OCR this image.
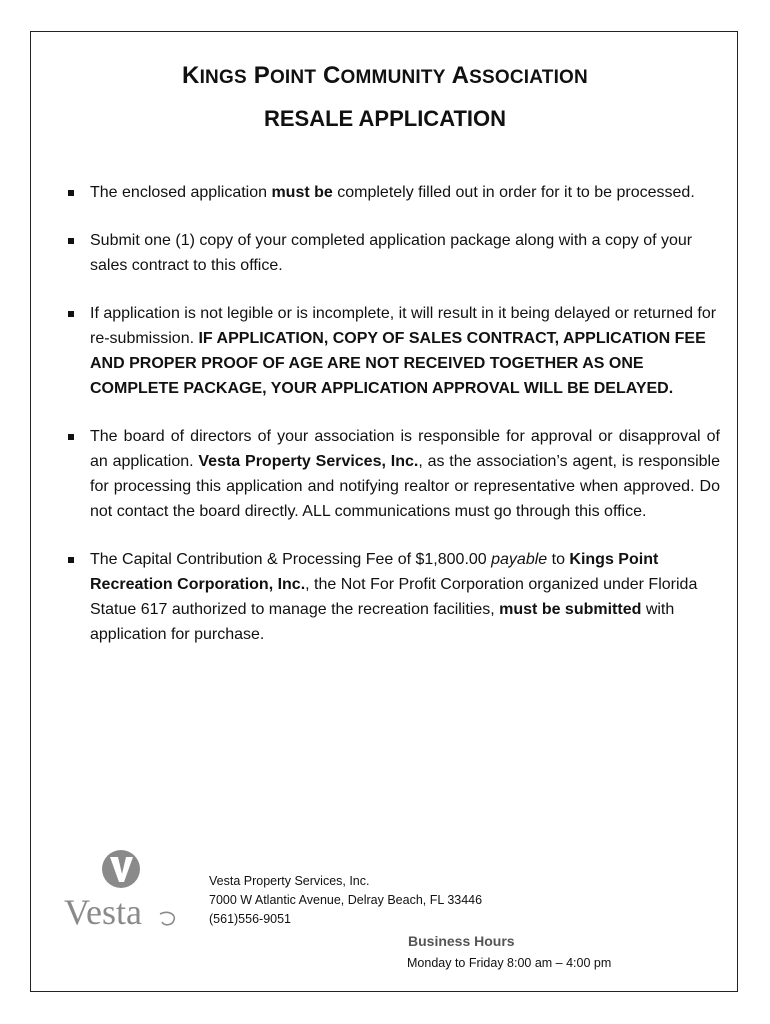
KINGS POINT COMMUNITY ASSOCIATION
RESALE APPLICATION
The enclosed application must be completely filled out in order for it to be processed.
Submit one (1) copy of your completed application package along with a copy of your sales contract to this office.
If application is not legible or is incomplete, it will result in it being delayed or returned for re-submission. IF APPLICATION, COPY OF SALES CONTRACT, APPLICATION FEE AND PROPER PROOF OF AGE ARE NOT RECEIVED TOGETHER AS ONE COMPLETE PACKAGE, YOUR APPLICATION APPROVAL WILL BE DELAYED.
The board of directors of your association is responsible for approval or disapproval of an application. Vesta Property Services, Inc., as the association’s agent, is responsible for processing this application and notifying realtor or representative when approved. Do not contact the board directly. ALL communications must go through this office.
The Capital Contribution & Processing Fee of $1,800.00 payable to Kings Point Recreation Corporation, Inc., the Not For Profit Corporation organized under Florida Statue 617 authorized to manage the recreation facilities, must be submitted with application for purchase.
Vesta
Vesta Property Services, Inc.
7000 W Atlantic Avenue, Delray Beach, FL 33446
(561)556-9051
Business Hours
Monday to Friday 8:00 am – 4:00 pm
